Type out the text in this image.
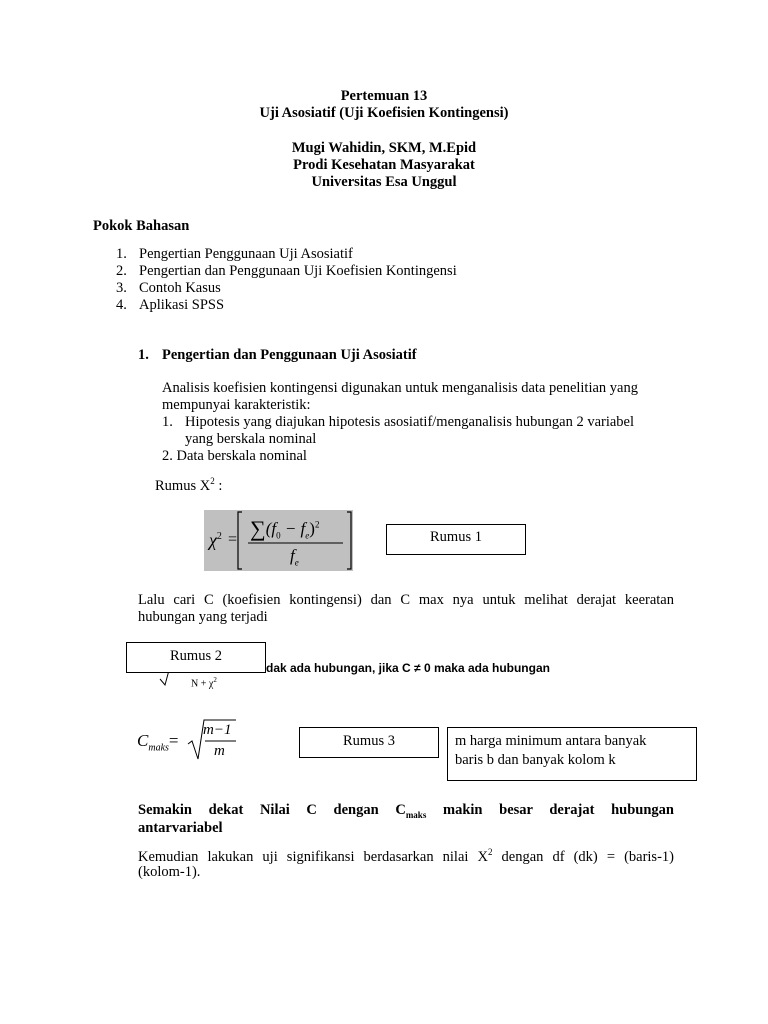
Pertemuan 13
Uji Asosiatif (Uji Koefisien Kontingensi)
Mugi Wahidin, SKM, M.Epid
Prodi Kesehatan Masyarakat
Universitas Esa Unggul
Pokok Bahasan
1. Pengertian Penggunaan Uji Asosiatif
2. Pengertian dan Penggunaan Uji Koefisien Kontingensi
3. Contoh Kasus
4. Aplikasi SPSS
1. Pengertian dan Penggunaan Uji Asosiatif
Analisis koefisien kontingensi digunakan untuk menganalisis data penelitian yang
mempunyai karakteristik:
1. Hipotesis yang diajukan hipotesis asosiatif/menganalisis hubungan 2 variabel
yang berskala nominal
2. Data berskala nominal
Rumus $X^2$ :
$\chi^2 = \sum(f_0 - f_e)^2$
$f_e$
Rumus 1
Lalu cari C (koefisien kontingensi) dan C max nya untuk melihat derajat keeratan
hubungan yang terjadi
$N + \chi^2$
dak ada hubungan, jika C ≠ 0 maka ada hubungan
Rumus 2
$C_{maks}=$
m−1
m
Rumus 3	m harga minimum antara banyak
baris b dan banyak kolom k
Semakin dekat Nilai C dengan $C_{maks}$ makin besar derajat hubungan
antarvariabel
Kemudian lakukan uji signifikansi berdasarkan nilai $X^2$ dengan df (dk) = (baris-1)
(kolom-1).
